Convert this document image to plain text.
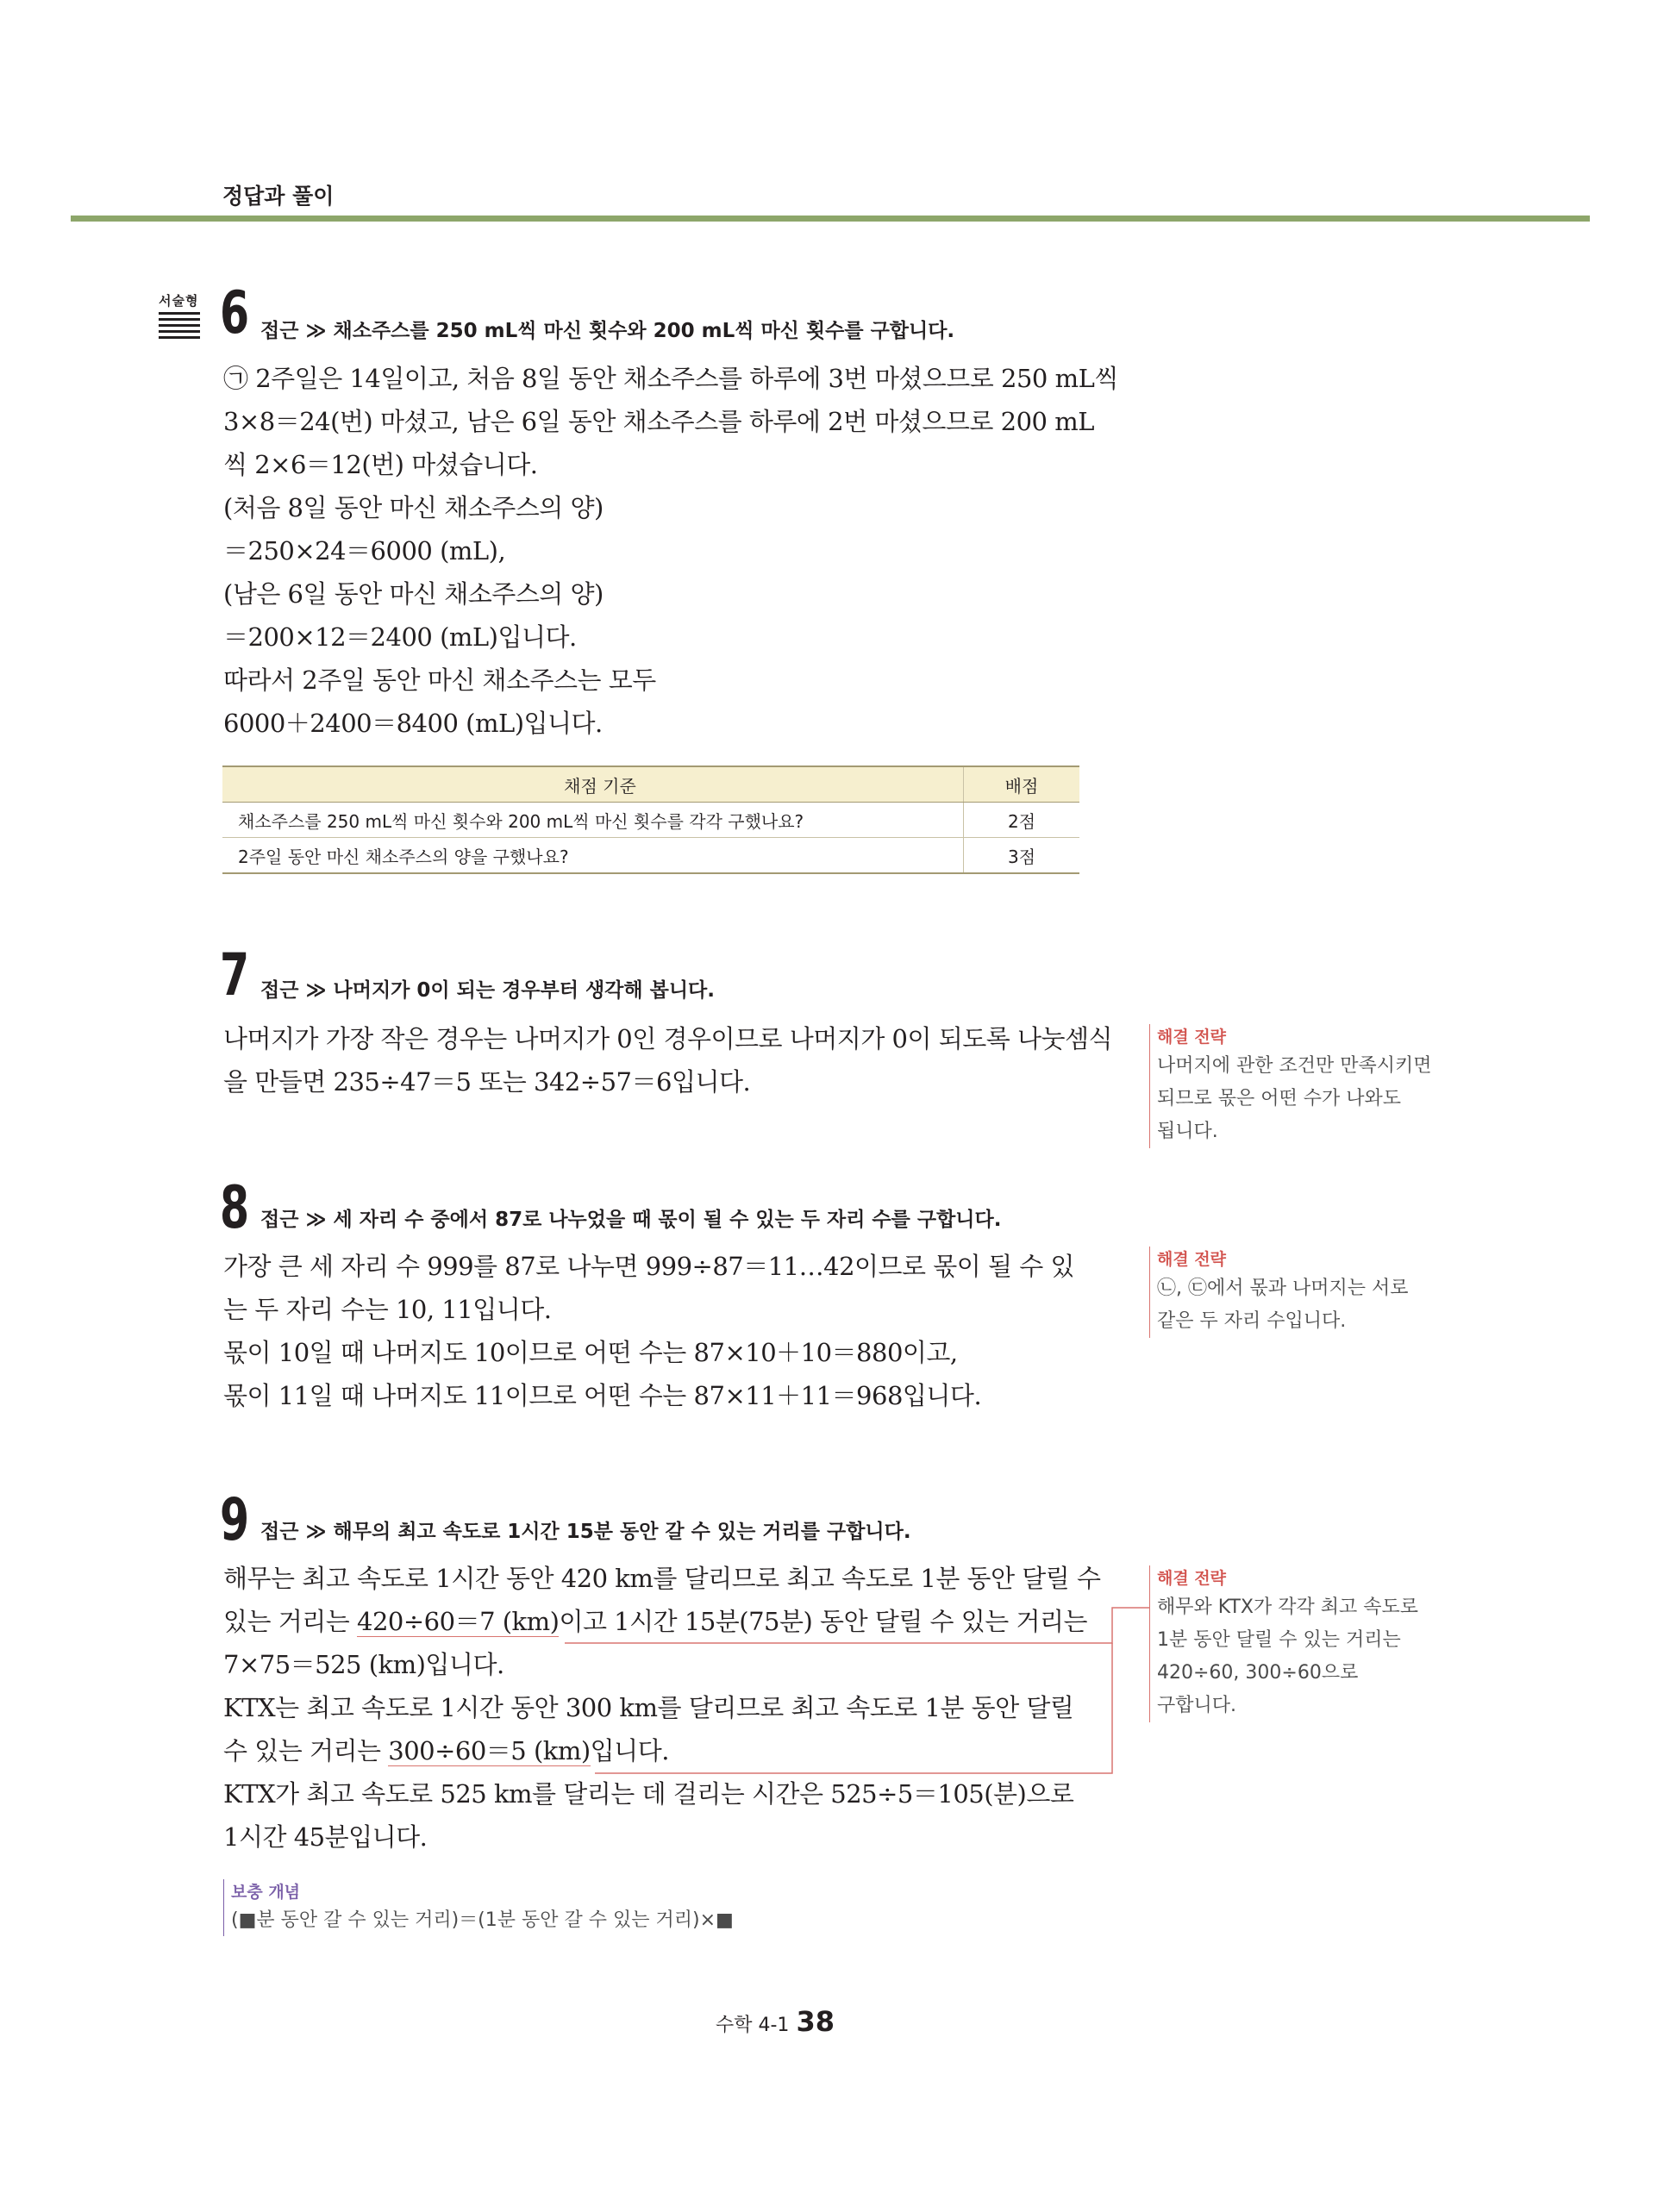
정답과 풀이
서술형 6 접근 ≫ 채소주스를 250 mL씩 마신 횟수와 200 mL씩 마신 횟수를 구합니다.

㉠ 2주일은 14일이고, 처음 8일 동안 채소주스를 하루에 3번 마셨으므로 250 mL씩

3×8＝24(번) 마셨고, 남은 6일 동안 채소주스를 하루에 2번 마셨으므로 200 mL

씩 2×6＝12(번) 마셨습니다.

(처음 8일 동안 마신 채소주스의 양)

＝250×24＝6000 (mL),

(남은 6일 동안 마신 채소주스의 양)

＝200×12＝2400 (mL)입니다.

따라서 2주일 동안 마신 채소주스는 모두

6000＋2400＝8400 (mL)입니다.

채점 기준	배점
채소주스를 250 mL씩 마신 횟수와 200 mL씩 마신 횟수를 각각 구했나요?	2점
2주일 동안 마신 채소주스의 양을 구했나요?	3점
7 접근 ≫ 나머지가 0이 되는 경우부터 생각해 봅니다.

나머지가 가장 작은 경우는 나머지가 0인 경우이므로 나머지가 0이 되도록 나눗셈식

을 만들면 235÷47＝5 또는 342÷57＝6입니다.

해결 전략
나머지에 관한 조건만 만족시키면 되므로 몫은 어떤 수가 나와도 됩니다.
8 접근 ≫ 세 자리 수 중에서 87로 나누었을 때 몫이 될 수 있는 두 자리 수를 구합니다.

가장 큰 세 자리 수 999를 87로 나누면 999÷87＝11…42이므로 몫이 될 수 있

는 두 자리 수는 10, 11입니다.

몫이 10일 때 나머지도 10이므로 어떤 수는 87×10＋10＝880이고,

몫이 11일 때 나머지도 11이므로 어떤 수는 87×11＋11＝968입니다.

해결 전략
㉡, ㉢에서 몫과 나머지는 서로 같은 두 자리 수입니다.
9 접근 ≫ 해무의 최고 속도로 1시간 15분 동안 갈 수 있는 거리를 구합니다.

해무는 최고 속도로 1시간 동안 420 km를 달리므로 최고 속도로 1분 동안 달릴 수

있는 거리는 420÷60＝7 (km)이고 1시간 15분(75분) 동안 달릴 수 있는 거리는

7×75＝525 (km)입니다.

KTX는 최고 속도로 1시간 동안 300 km를 달리므로 최고 속도로 1분 동안 달릴

수 있는 거리는 300÷60＝5 (km)입니다.

KTX가 최고 속도로 525 km를 달리는 데 걸리는 시간은 525÷5＝105(분)으로

1시간 45분입니다.

해결 전략
해무와 KTX가 각각 최고 속도로 1분 동안 달릴 수 있는 거리는 420÷60, 300÷60으로 구합니다.
보충 개념
(■분 동안 갈 수 있는 거리)＝(1분 동안 갈 수 있는 거리)×■
수학 4-1 38
